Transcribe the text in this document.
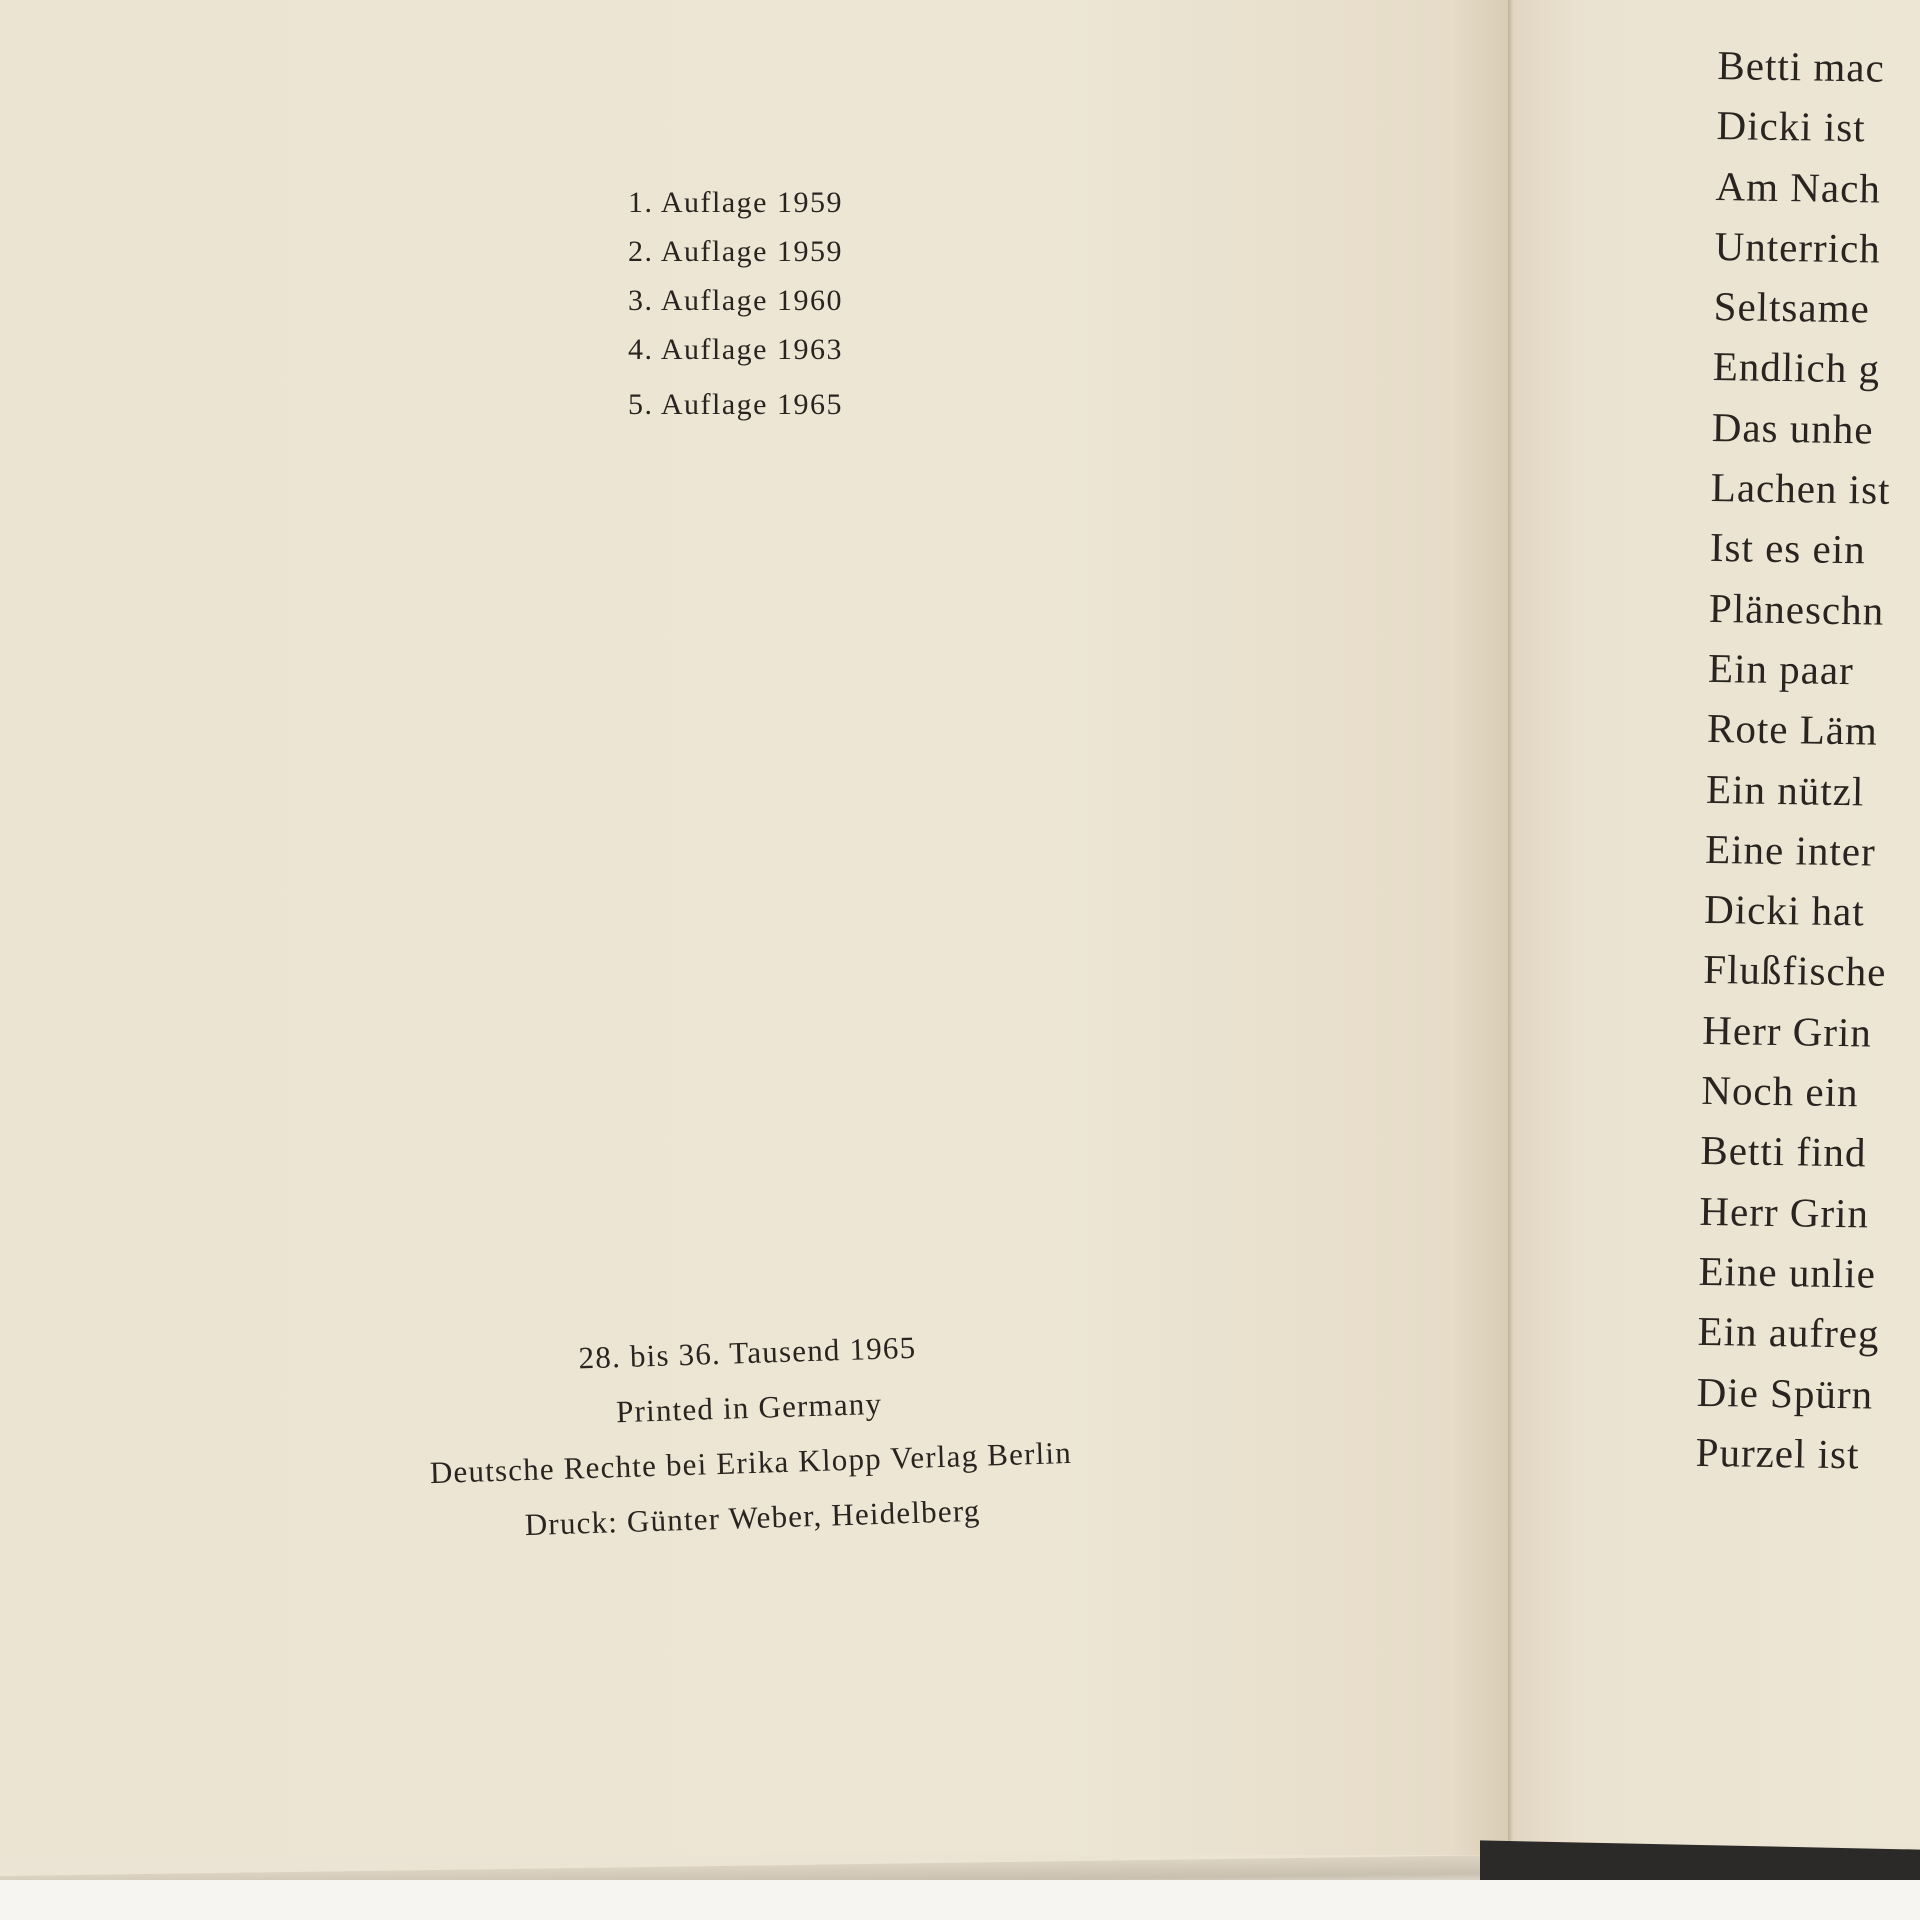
1. Auflage 1959
2. Auflage 1959
3. Auflage 1960
4. Auflage 1963
5. Auflage 1965
28. bis 36. Tausend 1965
Printed in Germany
Deutsche Rechte bei Erika Klopp Verlag Berlin
Druck: Günter Weber, Heidelberg
Betti mac
Dicki ist
Am Nach
Unterrich
Seltsame
Endlich g
Das unhe
Lachen ist
Ist es ein
Pläneschn
Ein paar
Rote Läm
Ein nützl
Eine inter
Dicki hat
Flußfische
Herr Grin
Noch ein
Betti find
Herr Grin
Eine unlie
Ein aufreg
Die Spürn
Purzel ist
